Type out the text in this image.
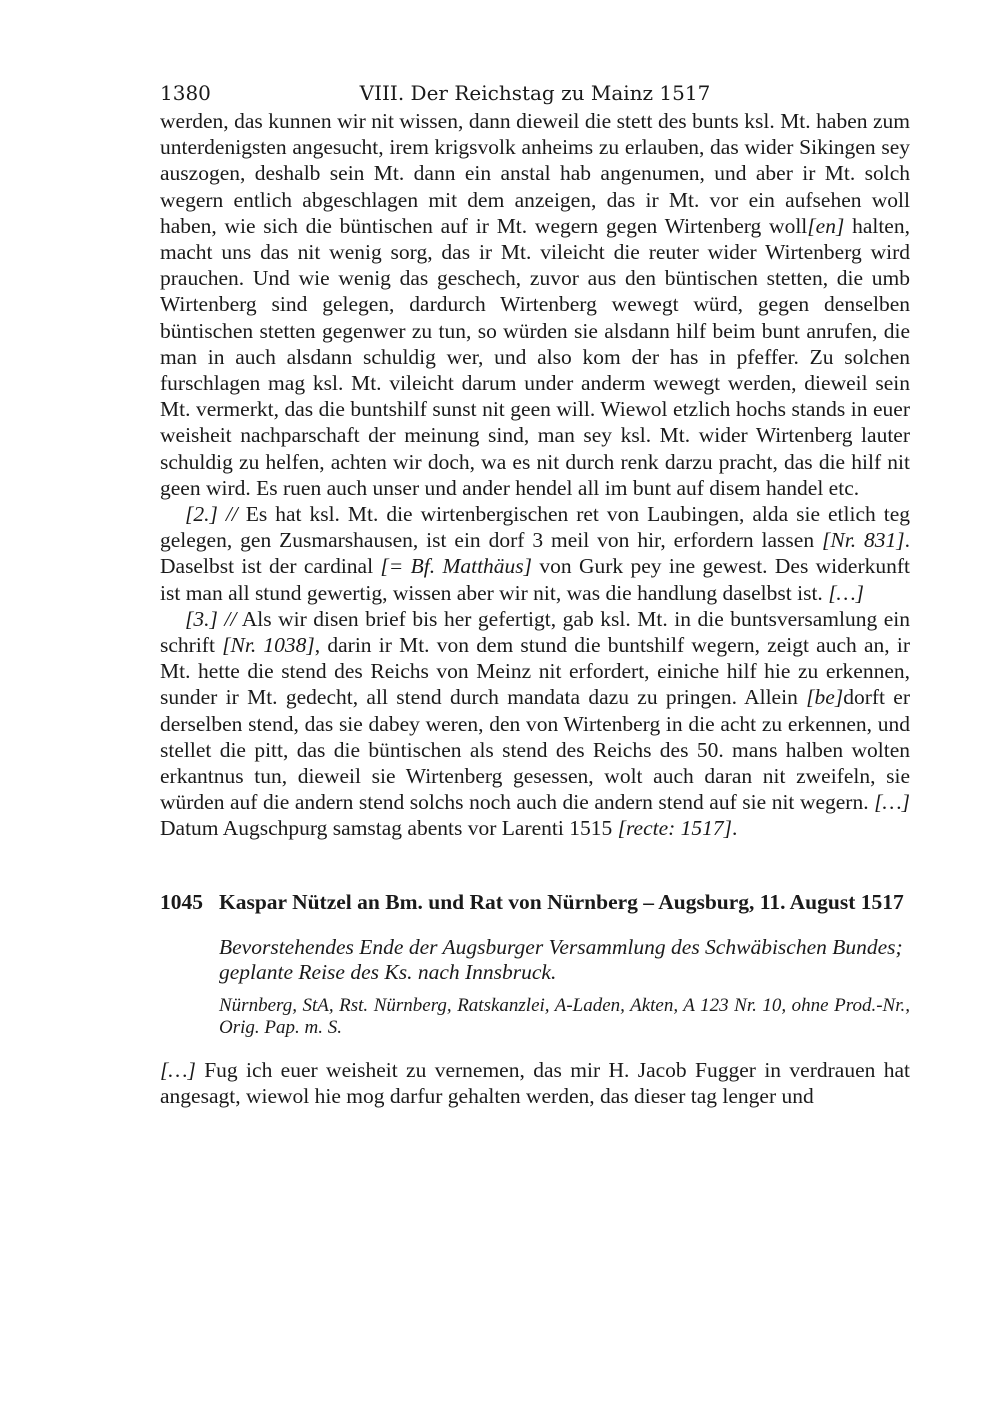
1380	VIII. Der Reichstag zu Mainz 1517

werden, das kunnen wir nit wissen, dann dieweil die stett des bunts ksl. Mt. haben zum unterdenigsten angesucht, irem krigsvolk anheims zu erlauben, das wider Sikingen sey auszogen, deshalb sein Mt. dann ein anstal hab angenumen, und aber ir Mt. solch wegern entlich abgeschlagen mit dem anzeigen, das ir Mt. vor ein aufsehen woll haben, wie sich die büntischen auf ir Mt. wegern gegen Wirtenberg woll[en] halten, macht uns das nit wenig sorg, das ir Mt. vileicht die reuter wider Wirtenberg wird prauchen. Und wie wenig das geschech, zuvor aus den büntischen stetten, die umb Wirtenberg sind gelegen, dardurch Wirtenberg wewegt würd, gegen denselben büntischen stetten gegenwer zu tun, so würden sie alsdann hilf beim bunt anrufen, die man in auch alsdann schuldig wer, und also kom der has in pfeffer. Zu solchen furschlagen mag ksl. Mt. vileicht darum under anderm wewegt werden, dieweil sein Mt. vermerkt, das die buntshilf sunst nit geen will. Wiewol etzlich hochs stands in euer weisheit nachparschaft der meinung sind, man sey ksl. Mt. wider Wirtenberg lauter schuldig zu helfen, achten wir doch, wa es nit durch renk darzu pracht, das die hilf nit geen wird. Es ruen auch unser und ander hendel all im bunt auf disem handel etc.

[2.] // Es hat ksl. Mt. die wirtenbergischen ret von Laubingen, alda sie etlich teg gelegen, gen Zusmarshausen, ist ein dorf 3 meil von hir, erfordern lassen [Nr. 831]. Daselbst ist der cardinal [= Bf. Matthäus] von Gurk pey ine gewest. Des widerkunft ist man all stund gewertig, wissen aber wir nit, was die handlung daselbst ist. […]

[3.] // Als wir disen brief bis her gefertigt, gab ksl. Mt. in die buntsversamlung ein schrift [Nr. 1038], darin ir Mt. von dem stund die buntshilf wegern, zeigt auch an, ir Mt. hette die stend des Reichs von Meinz nit erfordert, einiche hilf hie zu erkennen, sunder ir Mt. gedecht, all stend durch mandata dazu zu pringen. Allein [be]dorft er derselben stend, das sie dabey weren, den von Wirtenberg in die acht zu erkennen, und stellet die pitt, das die büntischen als stend des Reichs des 50. mans halben wolten erkantnus tun, dieweil sie Wirtenberg gesessen, wolt auch daran nit zweifeln, sie würden auf die andern stend solchs noch auch die andern stend auf sie nit wegern. […] Datum Augschpurg samstag abents vor Larenti 1515 [recte: 1517].

1045 Kaspar Nützel an Bm. und Rat von Nürnberg – Augsburg, 11. August 1517
Bevorstehendes Ende der Augsburger Versammlung des Schwäbischen Bundes; geplante Reise des Ks. nach Innsbruck.
Nürnberg, StA, Rst. Nürnberg, Ratskanzlei, A-Laden, Akten, A 123 Nr. 10, ohne Prod.-Nr., Orig. Pap. m. S.

[…] Fug ich euer weisheit zu vernemen, das mir H. Jacob Fugger in verdrauen hat angesagt, wiewol hie mog darfur gehalten werden, das dieser tag lenger und
